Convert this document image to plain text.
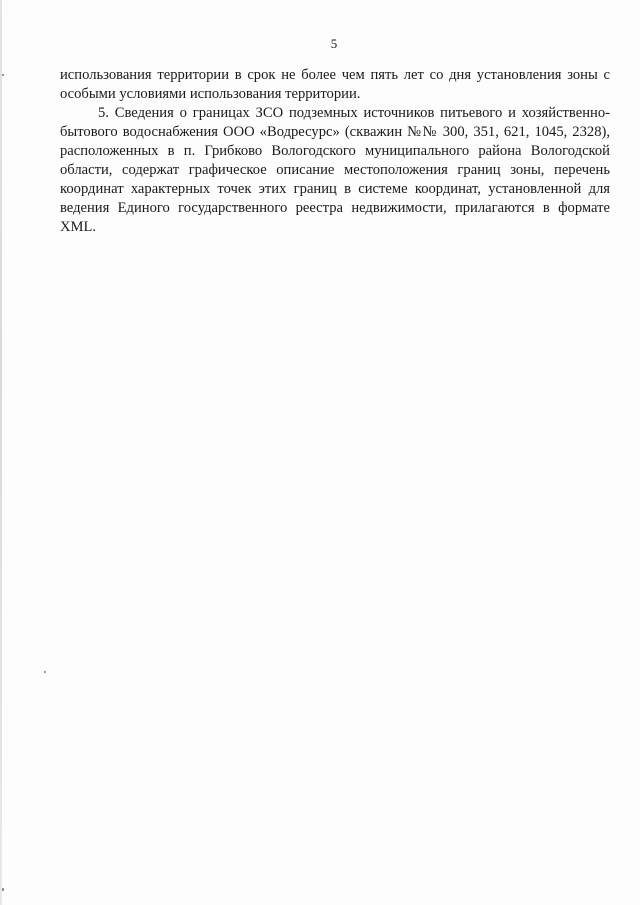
5

использования территории в срок не более чем пять лет со дня установления зоны с особыми условиями использования территории.

5. Сведения о границах ЗСО подземных источников питьевого и хозяйственно-бытового водоснабжения ООО «Водресурс» (скважин №№ 300, 351, 621, 1045, 2328), расположенных в п. Грибково Вологодского муниципального района Вологодской области, содержат графическое описание местоположения границ зоны, перечень координат характерных точек этих границ в системе координат, установленной для ведения Единого государственного реестра недвижимости, прилагаются в формате XML.
